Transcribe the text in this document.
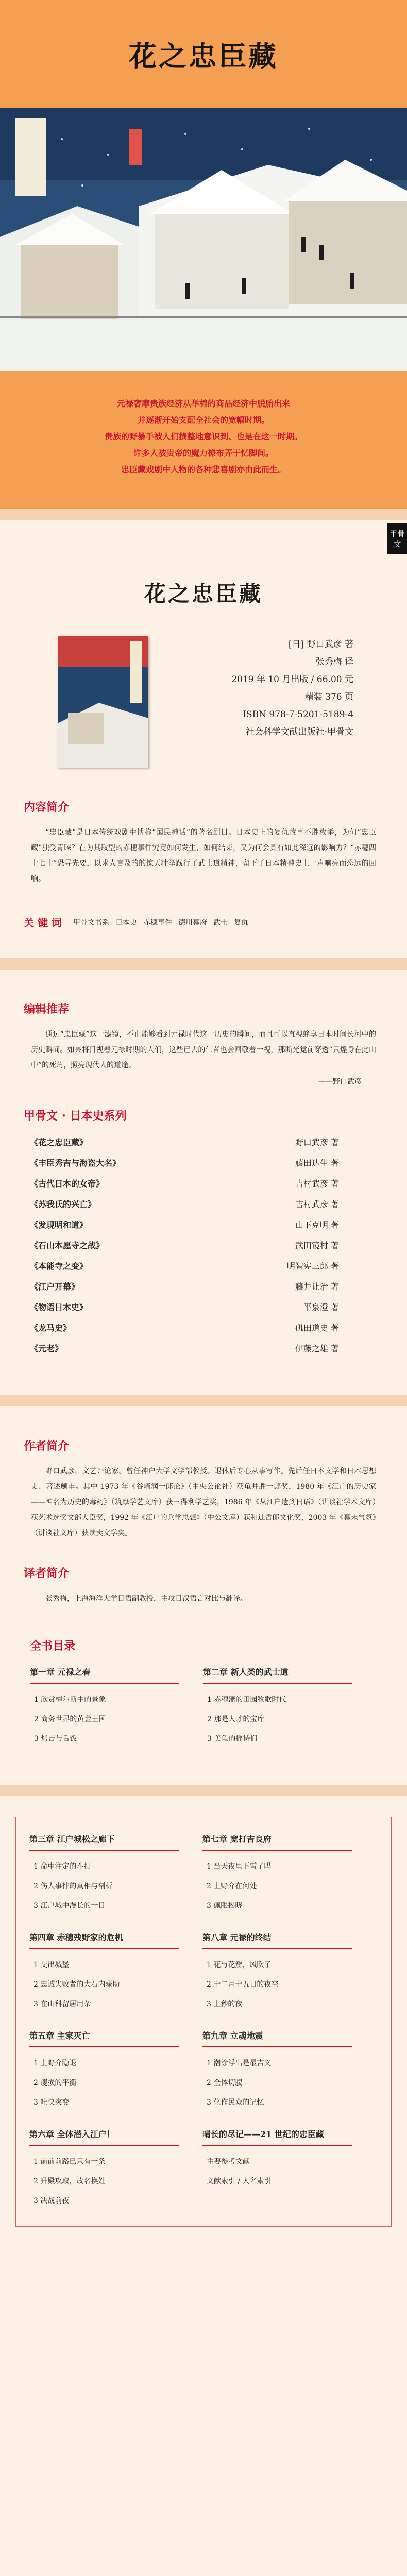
花之忠臣藏

元禄奢靡贵族经济从举棉的商品经济中脱胎出来

并逐渐开始支配全社会的宽幅时期。

贵族的野暴手被人们撰整地意识到、也是在这一时期。

许多人被贵帝的魔力撩布弄于忆脚间。

忠臣藏戏剧中人物的各种悲喜剧亦由此而生。

甲骨文
花之忠臣藏
[日] 野口武彦 著
张秀梅 译
2019 年 10 月出版 / 66.00 元
精装 376 页
ISBN 978-7-5201-5189-4
社会科学文献出版社·甲骨文
内容简介

“忠臣藏”是日本传统戏剧中博称“国民神话”的著名剧目。日本史上的复仇故事不胜枚举，为何“忠臣藏”独受青睐？在为其取型的赤穗事件究竟如何发生，如何结束，又为何会具有如此深远的影响力？“赤穗四十七士”恐导先要，以求人言及的的惊天壮举践行了武士道精神，留下了日本精神史上一声响亮而恐远的回响。

关 键 词 甲骨文书系 日本史 赤穗事件 德川幕府 武士 复仇
编辑推荐

通过“忠臣藏”这一滤镜，不止能够看到元禄时代这一历史的瞬间，而且可以直视蜂享日本时间长河中的历史瞬间。如果将目视着元禄时期的人们，这些已去的仁者也会回敬着一视，那断光觉前穿透“只煌身在此山中”的死角，照亮现代人的道途。

——野口武彦
甲骨文 · 日本史系列
《花之忠臣藏》	野口武彦 著
《丰臣秀吉与海盗大名》	藤田达生 著
《古代日本的女帝》	吉村武彦 著
《苏我氏的兴亡》	吉村武彦 著
《发现明和道》	山下克明 著
《石山本愿寺之战》	武田镜村 著
《本能寺之变》	明智宪三郎 著
《江户开幕》	藤井让治 著
《物语日本史》	平泉澄 著
《龙马史》	矶田道史 著
《元老》	伊藤之雄 著
作者简介

野口武彦，文艺评论家。曾任神户大学文学部教授。退休后专心从事写作。先后任日本文学和日本思想史、著述颇丰。其中 1973 年《谷崎润一郎论》（中央公论社）获龟井胜一郎奖，1980 年《江户的历史家——神名为历史的毒药》（筑摩学艺文库）获三得利学艺奖，1986 年《从江户遗到日语》（讲谈社学术文库）获艺术选奖文部大臣奖，1992 年《江户的兵学思想》（中公文库）获和辻哲郎文化奖，2003 年《幕末气氛》（讲谈社文库）获读卖文学奖。

译者简介

张秀梅，上海海洋大学日语副教授，主攻日汉语言对比与翻译。

全书目录
第一章 元禄之春
1 欣赏梅尔斯中的景象
2 商务世界的黄金王国
3 烤吉与舌饭
第二章 新人类的武士道
1 赤穗藩的田园牧歌时代
2 那是人才的宝库
3 美龟的摇诗们
第三章 江户城松之廊下
1 命中注定的斗打
2 伤人事件的真相与剖析
3 江户城中漫长的一日
第七章 宽打吉良府
1 当天夜里下雪了吗
2 上野介在何处
3 佩眼揭晓
第四章 赤穗残野家的危机
1 交出城堡
2 忠诚失败者的大石内藏助
3 在山科留居用杂
第八章 元禄的终结
1 花与花瓣，风吹了
2 十二月十五日的夜空
3 上秒的夜
第五章 主家灭亡
1 上野介隐退
2 瘦损的平衡
3 吐快突变
第九章 立魂地震
1 潮涂浮出是最吉义
2 全体切腹
3 化作民众的记忆
第六章 全体潜入江户！
1 前前前路已只有一条
2 升殿攻取，改名换姓
3 决战前夜
晴长的尽记——21 世纪的忠臣藏
主要参考文献
文献索引 / 人名索引
